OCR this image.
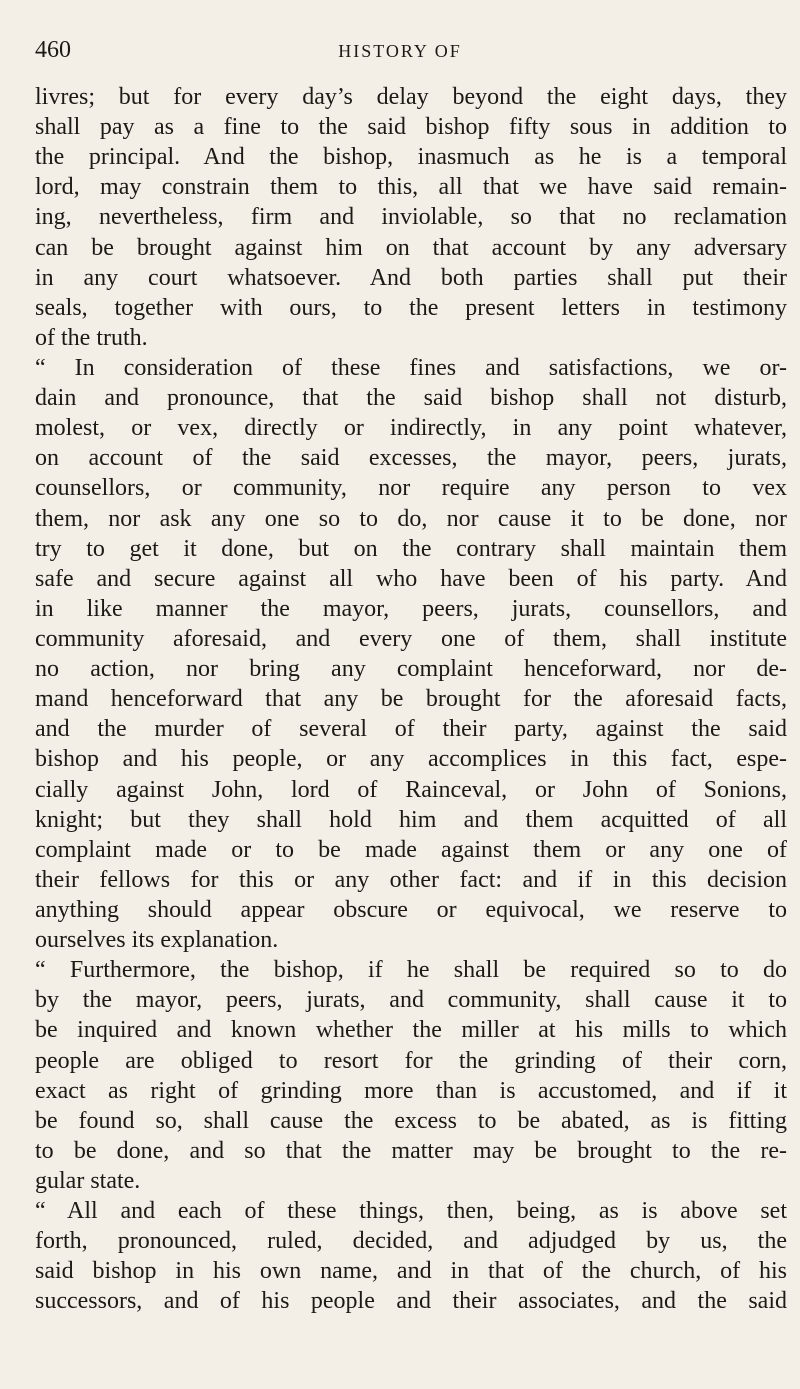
460	HISTORY OF
livres; but for every day’s delay beyond the eight days, they
shall pay as a fine to the said bishop fifty sous in addition to
the principal. And the bishop, inasmuch as he is a temporal
lord, may constrain them to this, all that we have said remain-
ing, nevertheless, firm and inviolable, so that no reclamation
can be brought against him on that account by any adversary
in any court whatsoever. And both parties shall put their
seals, together with ours, to the present letters in testimony
of the truth.
“ In consideration of these fines and satisfactions, we or-
dain and pronounce, that the said bishop shall not disturb,
molest, or vex, directly or indirectly, in any point whatever,
on account of the said excesses, the mayor, peers, jurats,
counsellors, or community, nor require any person to vex
them, nor ask any one so to do, nor cause it to be done, nor
try to get it done, but on the contrary shall maintain them
safe and secure against all who have been of his party. And
in like manner the mayor, peers, jurats, counsellors, and
community aforesaid, and every one of them, shall institute
no action, nor bring any complaint henceforward, nor de-
mand henceforward that any be brought for the aforesaid facts,
and the murder of several of their party, against the said
bishop and his people, or any accomplices in this fact, espe-
cially against John, lord of Rainceval, or John of Sonions,
knight; but they shall hold him and them acquitted of all
complaint made or to be made against them or any one of
their fellows for this or any other fact: and if in this decision
anything should appear obscure or equivocal, we reserve to
ourselves its explanation.
“ Furthermore, the bishop, if he shall be required so to do
by the mayor, peers, jurats, and community, shall cause it to
be inquired and known whether the miller at his mills to which
people are obliged to resort for the grinding of their corn,
exact as right of grinding more than is accustomed, and if it
be found so, shall cause the excess to be abated, as is fitting
to be done, and so that the matter may be brought to the re-
gular state.
“ All and each of these things, then, being, as is above set
forth, pronounced, ruled, decided, and adjudged by us, the
said bishop in his own name, and in that of the church, of his
successors, and of his people and their associates, and the said
